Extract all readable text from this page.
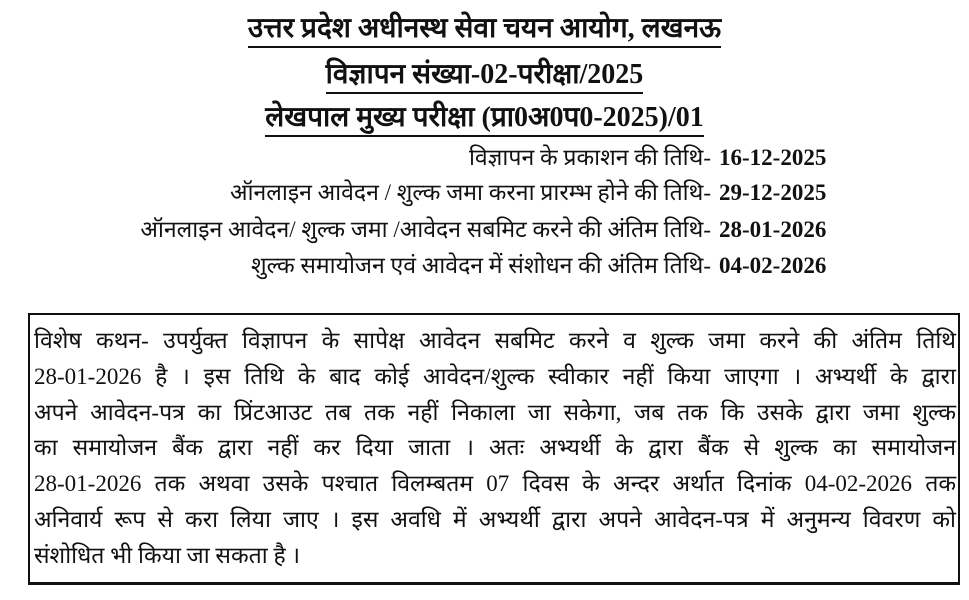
उत्तर प्रदेश अधीनस्थ सेवा चयन आयोग, लखनऊ
विज्ञापन संख्या-02-परीक्षा/2025
लेखपाल मुख्य परीक्षा (प्रा0अ0प0-2025)/01
विज्ञापन के प्रकाशन की तिथि- 16-12-2025
ऑनलाइन आवेदन / शुल्क जमा करना प्रारम्भ होने की तिथि- 29-12-2025
ऑनलाइन आवेदन/ शुल्क जमा /आवेदन सबमिट करने की अंतिम तिथि- 28-01-2026
शुल्क समायोजन एवं आवेदन में संशोधन की अंतिम तिथि- 04-02-2026
विशेष कथन- उपर्युक्त विज्ञापन के सापेक्ष आवेदन सबमिट करने व शुल्क जमा करने की अंतिम तिथि
28-01-2026 है । इस तिथि के बाद कोई आवेदन/शुल्क स्वीकार नहीं किया जाएगा । अभ्यर्थी के द्वारा
अपने आवेदन-पत्र का प्रिंटआउट तब तक नहीं निकाला जा सकेगा, जब तक कि उसके द्वारा जमा शुल्क
का समायोजन बैंक द्वारा नहीं कर दिया जाता । अतः अभ्यर्थी के द्वारा बैंक से शुल्क का समायोजन
28-01-2026 तक अथवा उसके पश्चात विलम्बतम 07 दिवस के अन्दर अर्थात दिनांक 04-02-2026 तक
अनिवार्य रूप से करा लिया जाए । इस अवधि में अभ्यर्थी द्वारा अपने आवेदन-पत्र में अनुमन्य विवरण को
संशोधित भी किया जा सकता है ।
